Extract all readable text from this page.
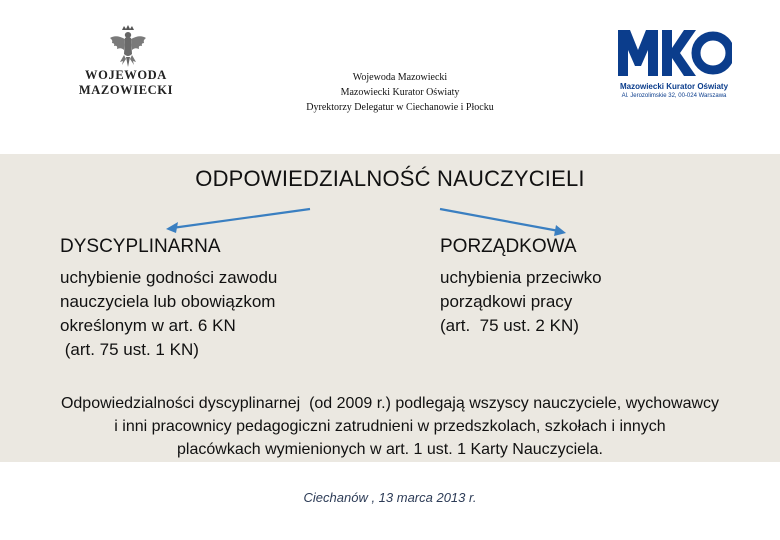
WOJEWODA MAZOWIECKI
Wojewoda Mazowiecki
Mazowiecki Kurator Oświaty
Dyrektorzy Delegatur w Ciechanowie i Płocku
Mazowiecki Kurator Oświaty
Al. Jerozolimskie 32, 00-024 Warszawa
ODPOWIEDZIALNOŚĆ NAUCZYCIELI
DYSCYPLINARNA
uchybienie godności zawodu
nauczyciela lub obowiązkom
określonym w art. 6 KN
(art. 75 ust. 1 KN)
PORZĄDKOWA
uchybienia przeciwko
porządkowi pracy
(art.  75 ust. 2 KN)
Odpowiedzialności dyscyplinarnej  (od 2009 r.) podlegają wszyscy nauczyciele, wychowawcy
i inni pracownicy pedagogiczni zatrudnieni w przedszkolach, szkołach i innych
placówkach wymienionych w art. 1 ust. 1 Karty Nauczyciela.
Ciechanów , 13 marca 2013 r.
